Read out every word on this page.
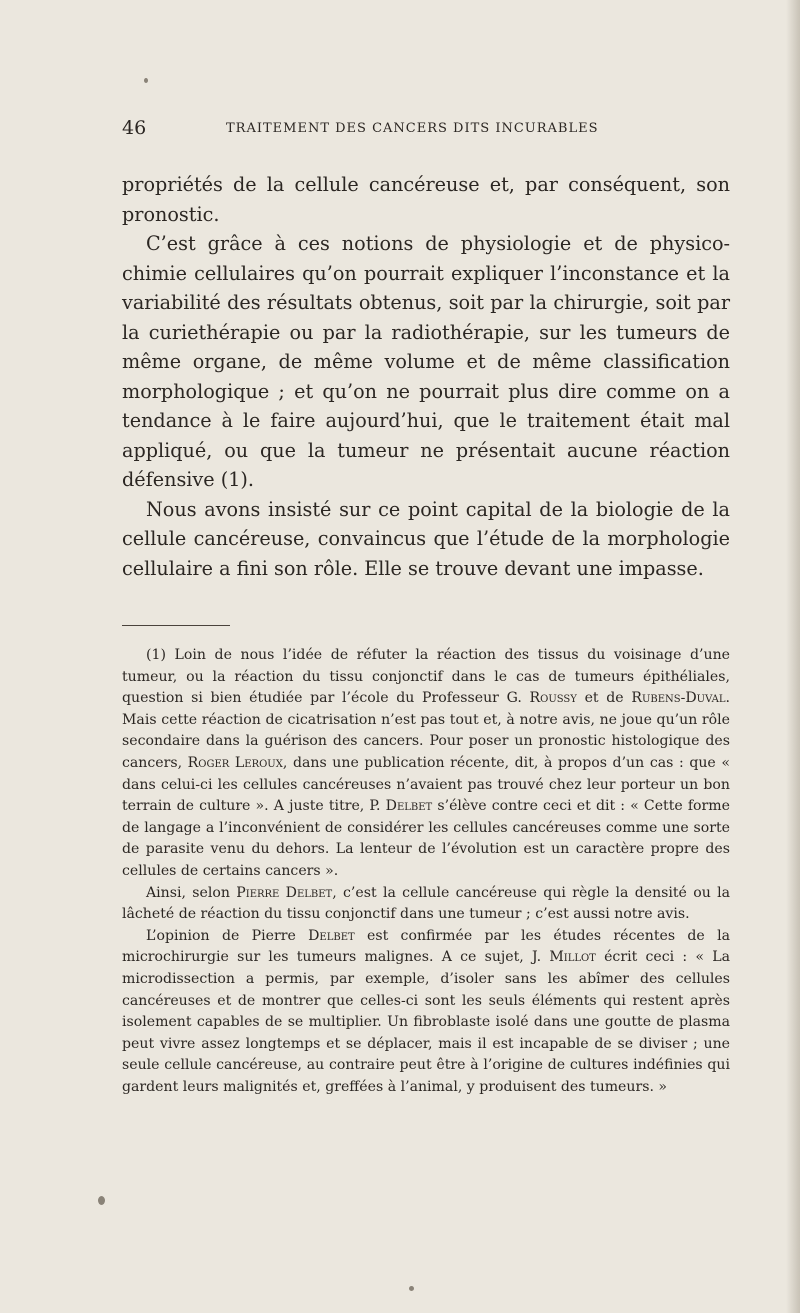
46	TRAITEMENT DES CANCERS DITS INCURABLES

propriétés de la cellule cancéreuse et, par conséquent, son pronostic.

C’est grâce à ces notions de physiologie et de physico-chimie cellulaires qu’on pourrait expliquer l’inconstance et la variabilité des résultats obtenus, soit par la chirurgie, soit par la curiethérapie ou par la radiothérapie, sur les tumeurs de même organe, de même volume et de même classification morphologique ; et qu’on ne pourrait plus dire comme on a tendance à le faire aujourd’hui, que le traitement était mal appliqué, ou que la tumeur ne présentait aucune réaction défensive (1).

Nous avons insisté sur ce point capital de la biologie de la cellule cancéreuse, convaincus que l’étude de la morphologie cellulaire a fini son rôle. Elle se trouve devant une impasse.

(1) Loin de nous l’idée de réfuter la réaction des tissus du voisinage d’une tumeur, ou la réaction du tissu conjonctif dans le cas de tumeurs épithéliales, question si bien étudiée par l’école du Professeur G. Roussy et de Rubens-Duval. Mais cette réaction de cicatrisation n’est pas tout et, à notre avis, ne joue qu’un rôle secondaire dans la guérison des cancers. Pour poser un pronostic histologique des cancers, Roger Leroux, dans une publication récente, dit, à propos d’un cas : que « dans celui-ci les cellules cancéreuses n’avaient pas trouvé chez leur porteur un bon terrain de culture ». A juste titre, P. Delbet s’élève contre ceci et dit : « Cette forme de langage a l’inconvénient de considérer les cellules cancéreuses comme une sorte de parasite venu du dehors. La lenteur de l’évolution est un caractère propre des cellules de certains cancers ».

Ainsi, selon Pierre Delbet, c’est la cellule cancéreuse qui règle la densité ou la lâcheté de réaction du tissu conjonctif dans une tumeur ; c’est aussi notre avis.

L’opinion de Pierre Delbet est confirmée par les études récentes de la microchirurgie sur les tumeurs malignes. A ce sujet, J. Millot écrit ceci : « La microdissection a permis, par exemple, d’isoler sans les abîmer des cellules cancéreuses et de montrer que celles-ci sont les seuls éléments qui restent après isolement capables de se multiplier. Un fibroblaste isolé dans une goutte de plasma peut vivre assez longtemps et se déplacer, mais il est incapable de se diviser ; une seule cellule cancéreuse, au contraire peut être à l’origine de cultures indéfinies qui gardent leurs malignités et, greffées à l’animal, y produisent des tumeurs. »
